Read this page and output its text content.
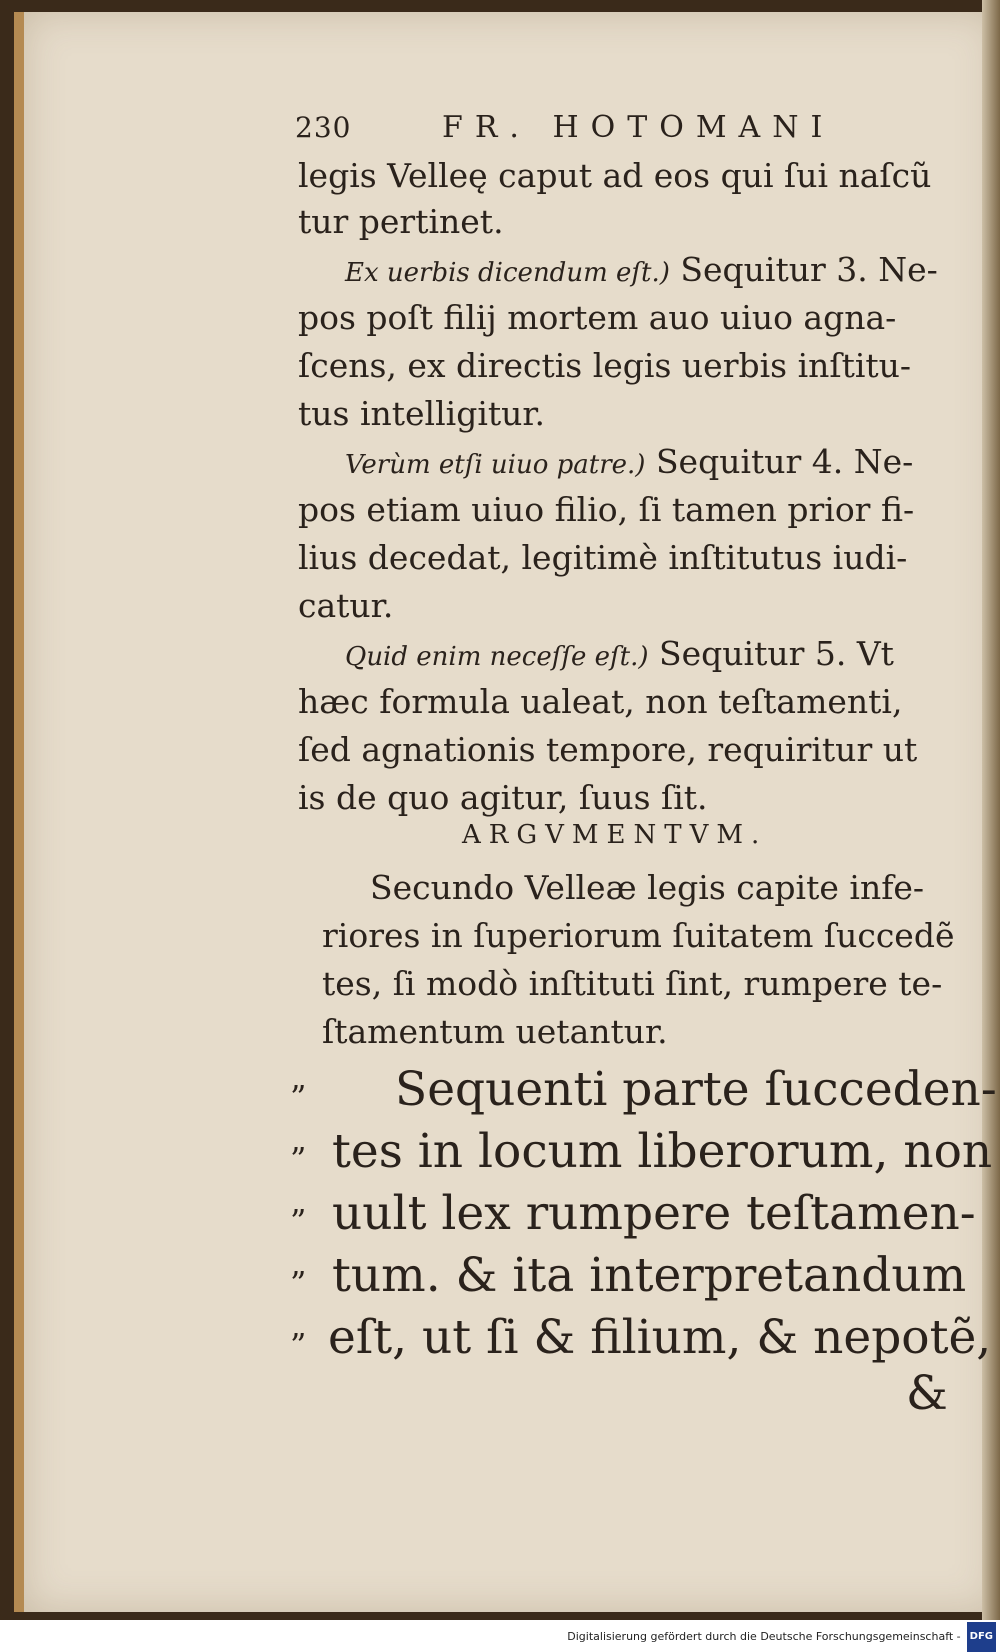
230	FR. HOTOMANI
legis Velleę caput ad eos qui ſui naſcũ
tur pertinet.
Ex uerbis dicendum eſt.) Sequitur 3. Ne-
pos poſt filij mortem auo uiuo agna-
ſcens, ex directis legis uerbis inſtitu-
tus intelligitur.
Verùm etſi uiuo patre.) Sequitur 4. Ne-
pos etiam uiuo filio, ſi tamen prior fi-
lius decedat, legitimè inſtitutus iudi-
catur.
Quid enim neceſſe eſt.) Sequitur 5. Vt
hæc formula ualeat, non teſtamenti,
ſed agnationis tempore, requiritur ut
is de quo agitur, ſuus ſit.
ARGVMENTVM.
Secundo Velleæ legis capite infe-
riores in ſuperiorum ſuitatem ſuccedẽ
tes, ſi modò inſtituti ſint, rumpere te-
ſtamentum uetantur.
” Sequenti parte ſucceden-
” tes in locum liberorum, non
” uult lex rumpere teſtamen-
” tum. & ita interpretandum
” eſt, ut ſi & filium, & nepotẽ,
&
Digitalisierung gefördert durch die Deutsche Forschungsgemeinschaft - DFG
